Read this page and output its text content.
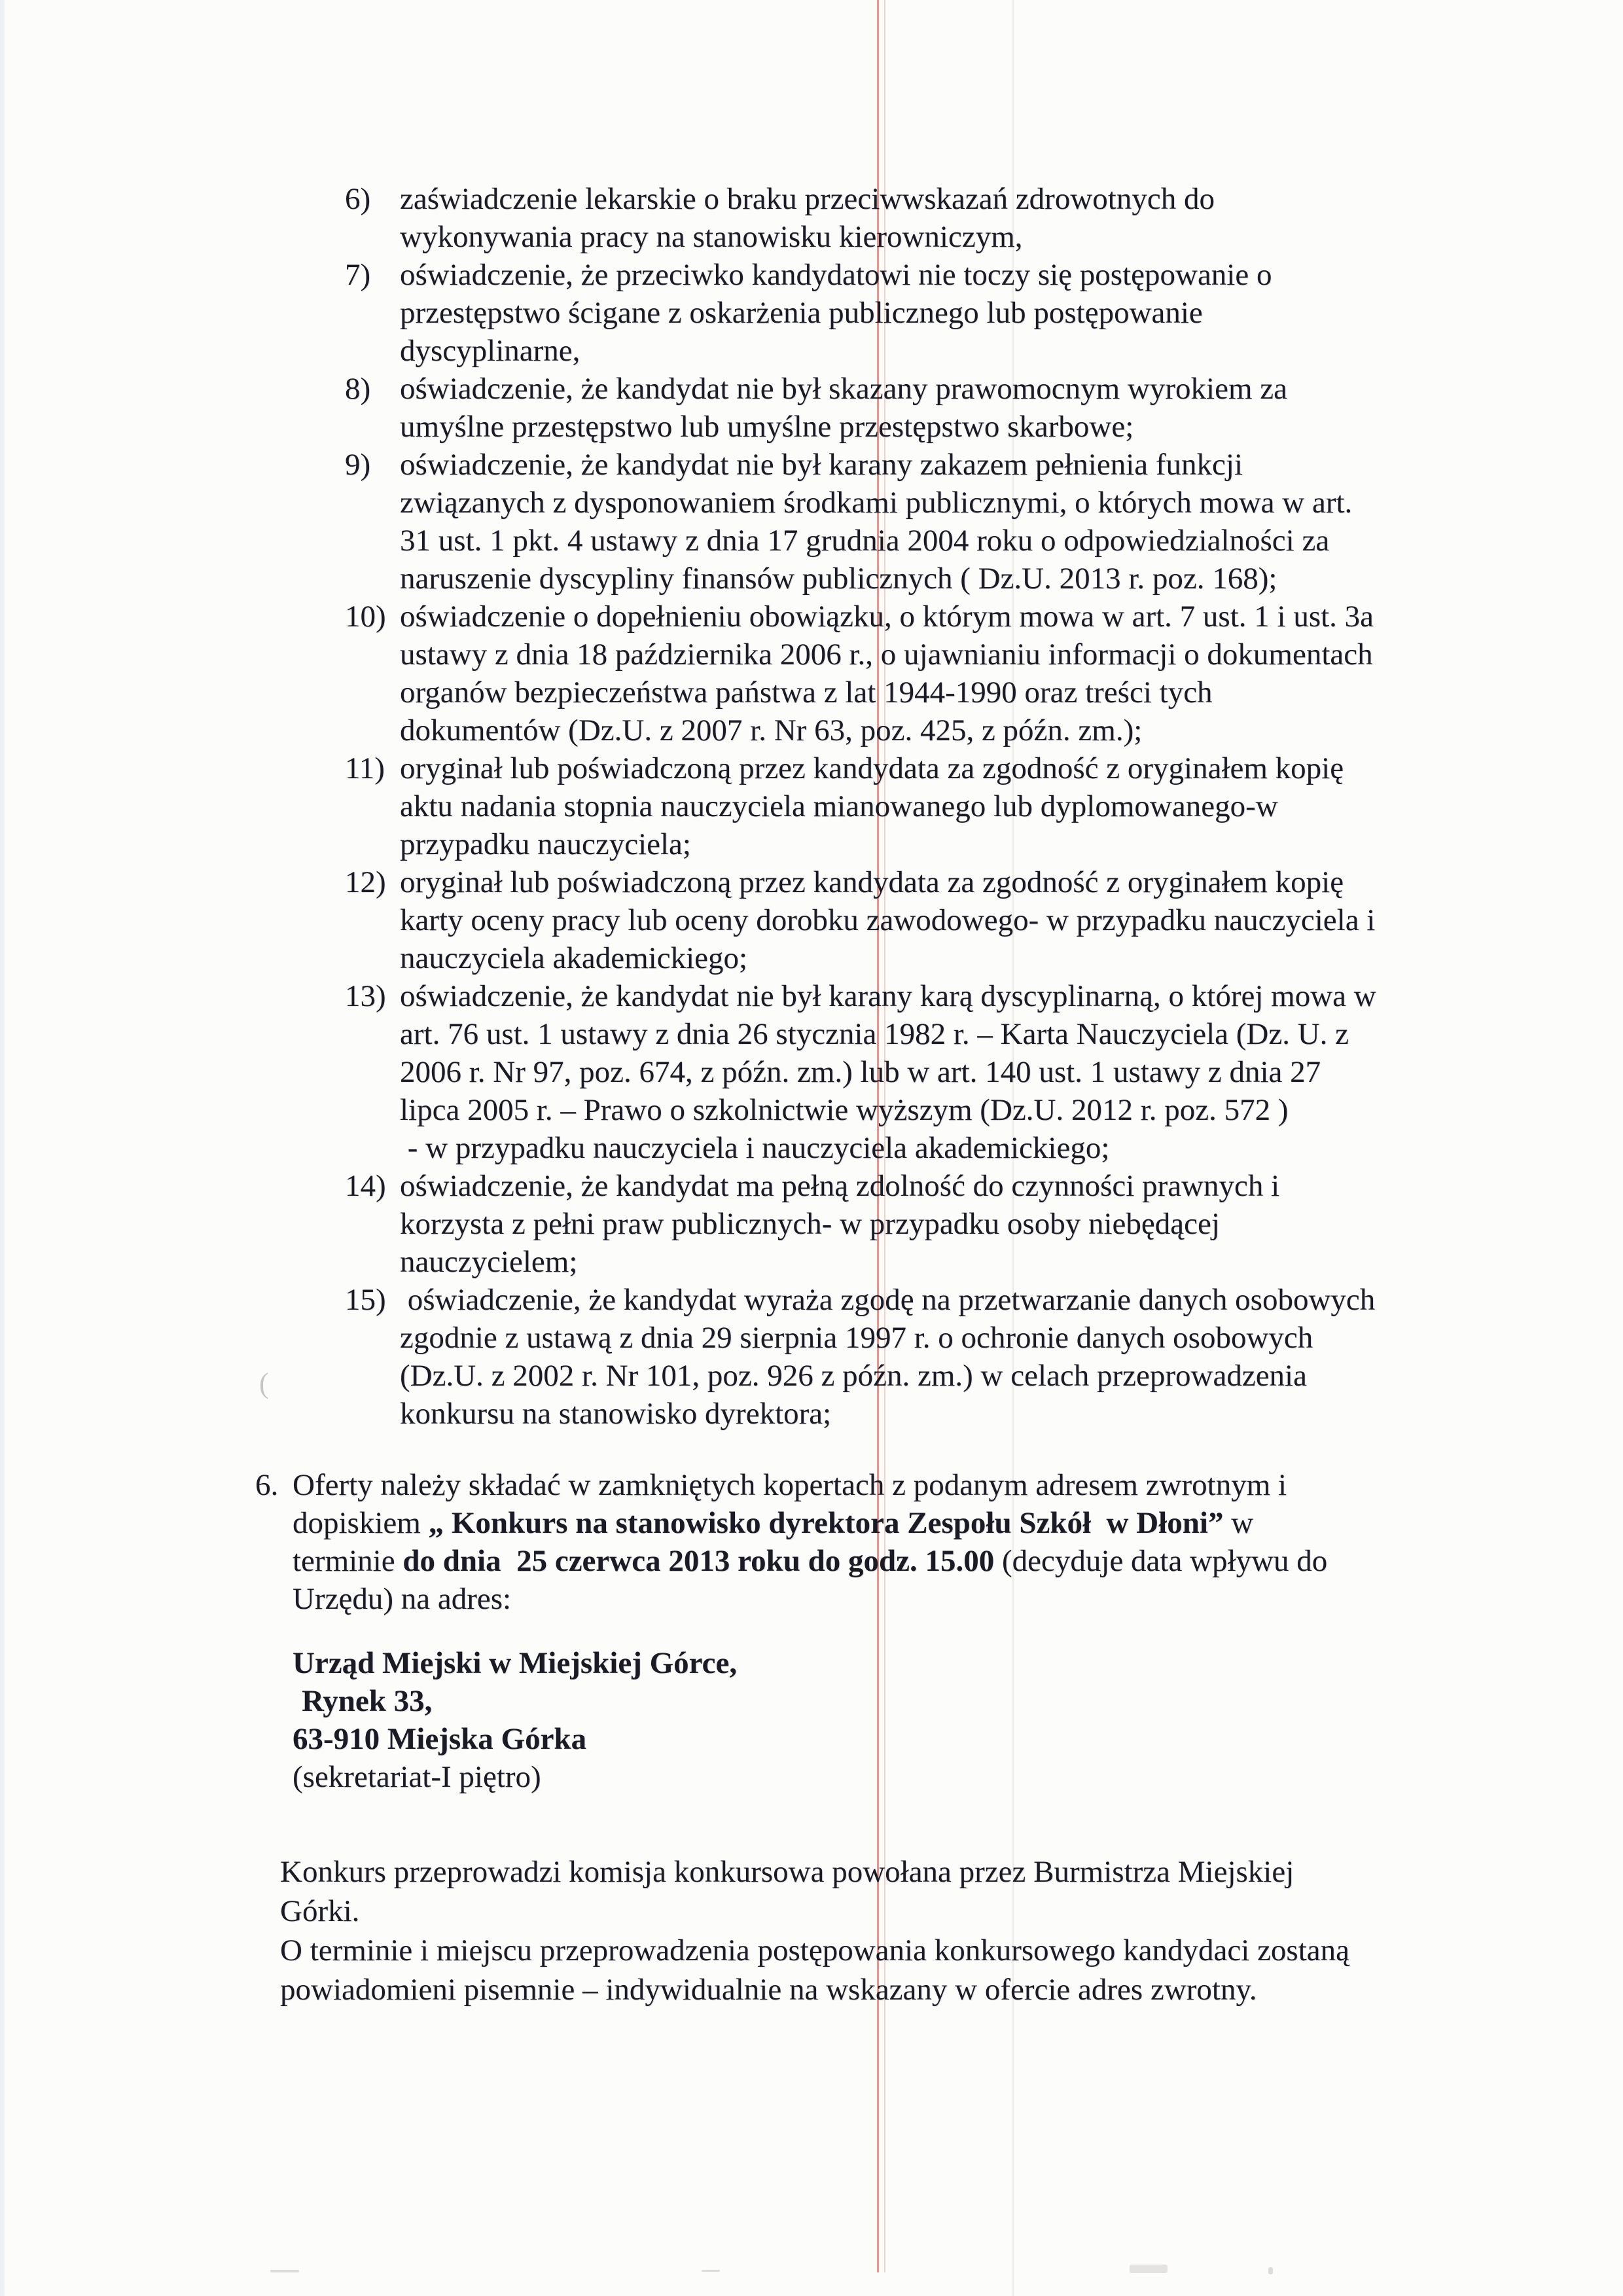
6) zaświadczenie lekarskie o braku przeciwwskazań zdrowotnych do
wykonywania pracy na stanowisku kierowniczym,
7) oświadczenie, że przeciwko kandydatowi nie toczy się postępowanie o
przestępstwo ścigane z oskarżenia publicznego lub postępowanie
dyscyplinarne,
8) oświadczenie, że kandydat nie był skazany prawomocnym wyrokiem za
umyślne przestępstwo lub umyślne przestępstwo skarbowe;
9) oświadczenie, że kandydat nie był karany zakazem pełnienia funkcji
związanych z dysponowaniem środkami publicznymi, o których mowa w art.
31 ust. 1 pkt. 4 ustawy z dnia 17 grudnia 2004 roku o odpowiedzialności za
naruszenie dyscypliny finansów publicznych ( Dz.U. 2013 r. poz. 168);
10) oświadczenie o dopełnieniu obowiązku, o którym mowa w art. 7 ust. 1 i ust. 3a
ustawy z dnia 18 października 2006 r., o ujawnianiu informacji o dokumentach
organów bezpieczeństwa państwa z lat 1944-1990 oraz treści tych
dokumentów (Dz.U. z 2007 r. Nr 63, poz. 425, z późn. zm.);
11) oryginał lub poświadczoną przez kandydata za zgodność z oryginałem kopię
aktu nadania stopnia nauczyciela mianowanego lub dyplomowanego-w
przypadku nauczyciela;
12) oryginał lub poświadczoną przez kandydata za zgodność z oryginałem kopię
karty oceny pracy lub oceny dorobku zawodowego- w przypadku nauczyciela i
nauczyciela akademickiego;
13) oświadczenie, że kandydat nie był karany karą dyscyplinarną, o której mowa w
art. 76 ust. 1 ustawy z dnia 26 stycznia 1982 r. – Karta Nauczyciela (Dz. U. z
2006 r. Nr 97, poz. 674, z późn. zm.) lub w art. 140 ust. 1 ustawy z dnia 27
lipca 2005 r. – Prawo o szkolnictwie wyższym (Dz.U. 2012 r. poz. 572 )
- w przypadku nauczyciela i nauczyciela akademickiego;
14) oświadczenie, że kandydat ma pełną zdolność do czynności prawnych i
korzysta z pełni praw publicznych- w przypadku osoby niebędącej
nauczycielem;
15) oświadczenie, że kandydat wyraża zgodę na przetwarzanie danych osobowych
zgodnie z ustawą z dnia 29 sierpnia 1997 r. o ochronie danych osobowych
(Dz.U. z 2002 r. Nr 101, poz. 926 z późn. zm.) w celach przeprowadzenia
konkursu na stanowisko dyrektora;
6. Oferty należy składać w zamkniętych kopertach z podanym adresem zwrotnym i
dopiskiem „ Konkurs na stanowisko dyrektora Zespołu Szkół  w Dłoni” w
terminie do dnia  25 czerwca 2013 roku do godz. 15.00 (decyduje data wpływu do
Urzędu) na adres:
Urząd Miejski w Miejskiej Górce,
Rynek 33,
63-910 Miejska Górka
(sekretariat-I piętro)
Konkurs przeprowadzi komisja konkursowa powołana przez Burmistrza Miejskiej
Górki.
O terminie i miejscu przeprowadzenia postępowania konkursowego kandydaci zostaną
powiadomieni pisemnie – indywidualnie na wskazany w ofercie adres zwrotny.
(
